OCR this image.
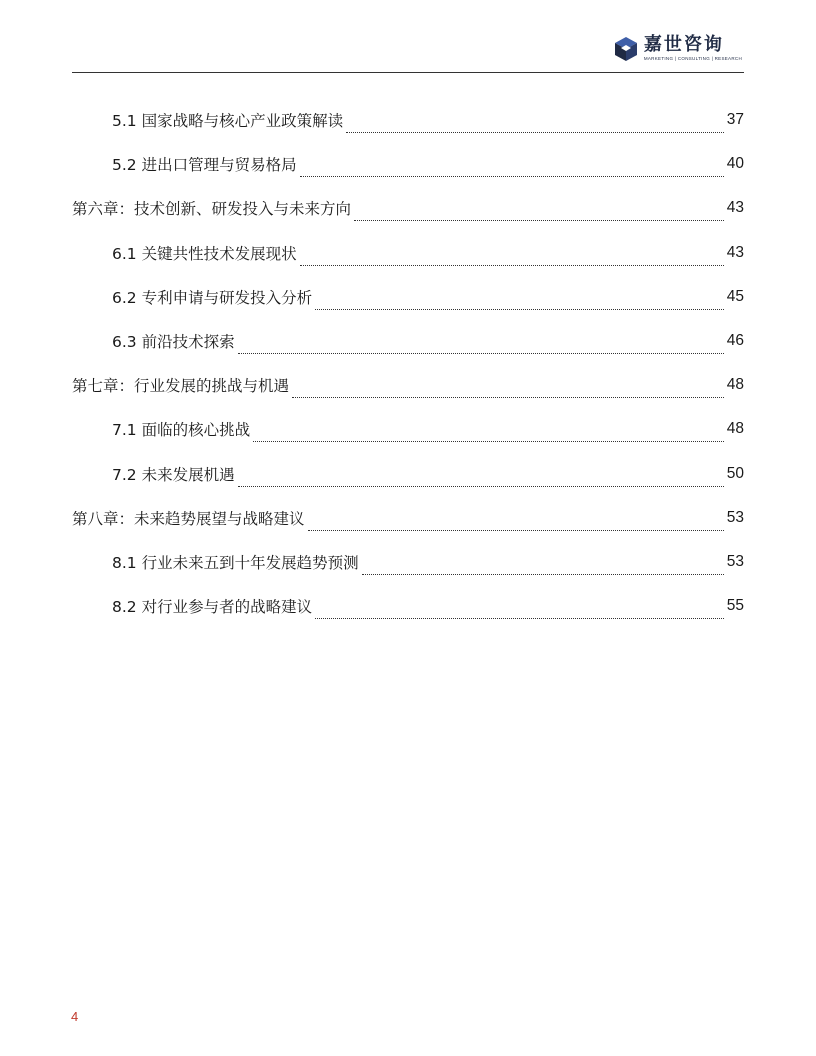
嘉世咨询
MARKETING | CONSULTING | RESEARCH
5.1 国家战略与核心产业政策解读	37
5.2 进出口管理与贸易格局	40
第六章：技术创新、研发投入与未来方向	43
6.1 关键共性技术发展现状	43
6.2 专利申请与研发投入分析	45
6.3 前沿技术探索	46
第七章：行业发展的挑战与机遇	48
7.1 面临的核心挑战	48
7.2 未来发展机遇	50
第八章：未来趋势展望与战略建议	53
8.1 行业未来五到十年发展趋势预测	53
8.2 对行业参与者的战略建议	55
4
